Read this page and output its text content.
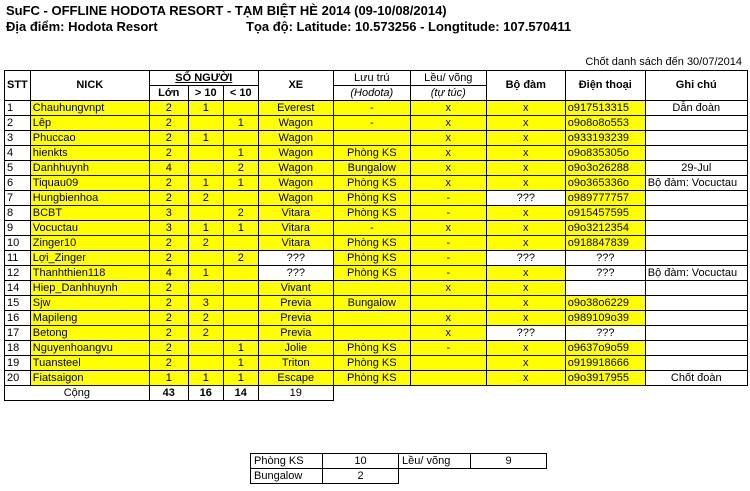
SuFC - OFFLINE HODOTA RESORT - TẠM BIỆT HÈ 2014 (09-10/08/2014)
Địa điểm: Hodota Resort	Tọa độ: Latitude: 10.573256 - Longtitude: 107.570411
Chốt danh sách đến 30/07/2014
STT	NICK	SỐ NGƯỜI			XE	Lưu trú	Lều/ võng	Bộ đàm	Điện thoại	Ghi chú
		Lớn	> 10	< 10		(Hodota)	(tự túc)			
1	Chauhungvnpt	2	1		Everest	-	x	x	o917513315	Dẫn đoàn
2	Lêp	2		1	Wagon	-	x	x	o9o8o8o553	
3	Phuccao	2	1		Wagon		x	x	o933193239	
4	hienkts	2		1	Wagon	Phòng KS	x	x	o9o835305o	
5	Danhhuynh	4		2	Wagon	Bungalow	x	x	o9o3o26288	29-Jul
6	Tiquau09	2	1	1	Wagon	Phòng KS	x	x	o9o365336o	Bộ đàm: Vocuctau
7	Hungbienhoa	2	2		Wagon	Phòng KS	-	???	o989777757	
8	BCBT	3		2	Vitara	Phòng KS	-	x	o915457595	
9	Vocuctau	3	1	1	Vitara	-	x	x	o9o3212354	
10	Zinger10	2	2		Vitara	Phòng KS	-	x	o918847839	
11	Lợi_Zinger	2		2	???	Phòng KS	-	???	???	
12	Thanhthien118	4	1		???	Phòng KS	-	x	???	Bộ đàm: Vocuctau
14	Hiep_Danhhuynh	2			Vivant		x	x		
15	Sjw	2	3		Previa	Bungalow		x	o9o38o6229	
16	Mapileng	2	2		Previa		x	x	o989109o39	
17	Betong	2	2		Previa		x	???	???	
18	Nguyenhoangvu	2		1	Jolie	Phòng KS	-	x	o9637o9o59	
19	Tuansteel	2		1	Triton	Phòng KS		x	o919918666	
20	Fiatsaigon	1	1	1	Escape	Phòng KS		x	o9o3917955	Chốt đoàn
Cộng		43	16	14	19					
Phòng KS	10	Lều/ võng	9
Bungalow	2		
